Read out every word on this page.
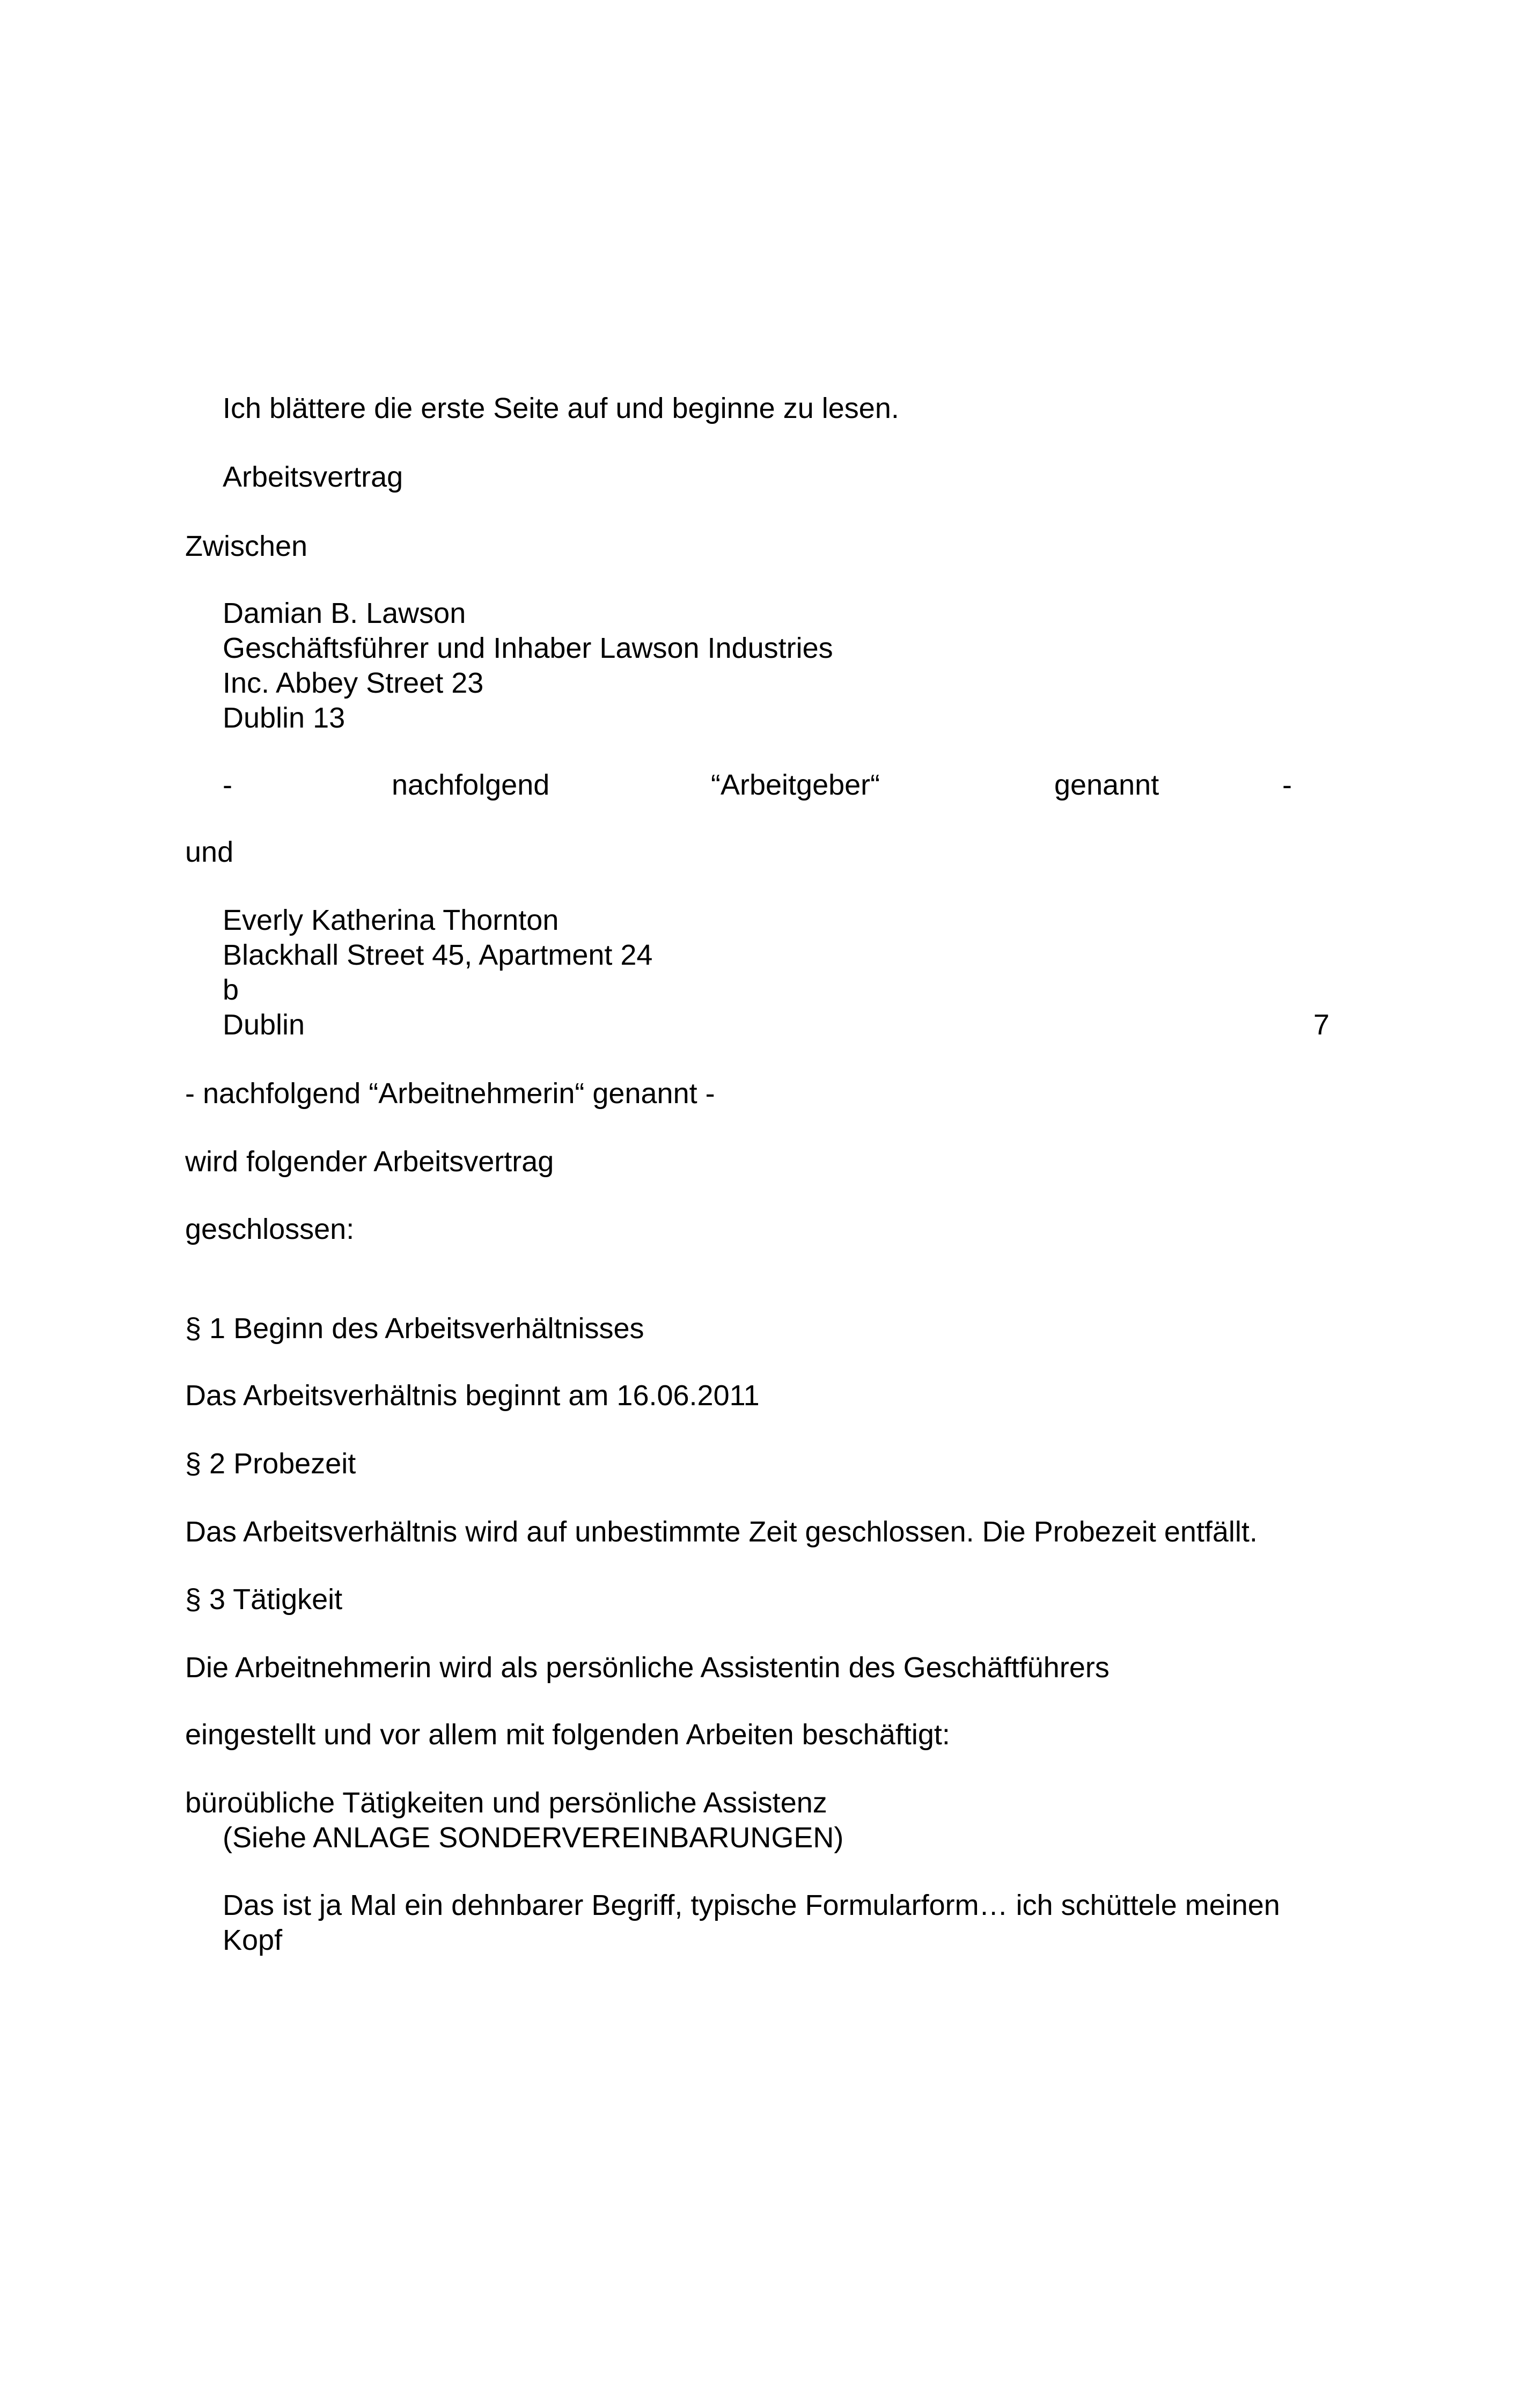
Ich blättere die erste Seite auf und beginne zu lesen.

Arbeitsvertrag

Zwischen

Damian B. Lawson

Geschäftsführer und Inhaber Lawson Industries

Inc. Abbey Street 23

Dublin 13

-	nachfolgend	“Arbeitgeber“	genannt	-

und

Everly Katherina Thornton

Blackhall Street 45, Apartment 24

b

Dublin	7

- nachfolgend “Arbeitnehmerin“ genannt -

wird folgender Arbeitsvertrag

geschlossen:

§ 1 Beginn des Arbeitsverhältnisses

Das Arbeitsverhältnis beginnt am 16.06.2011

§ 2 Probezeit

Das Arbeitsverhältnis wird auf unbestimmte Zeit geschlossen. Die Probezeit entfällt.

§ 3 Tätigkeit

Die Arbeitnehmerin wird als persönliche Assistentin des Geschäftführers

eingestellt und vor allem mit folgenden Arbeiten beschäftigt:

büroübliche Tätigkeiten und persönliche Assistenz

(Siehe ANLAGE SONDERVEREINBARUNGEN)

Das ist ja Mal ein dehnbarer Begriff, typische Formularform… ich schüttele meinen

Kopf
